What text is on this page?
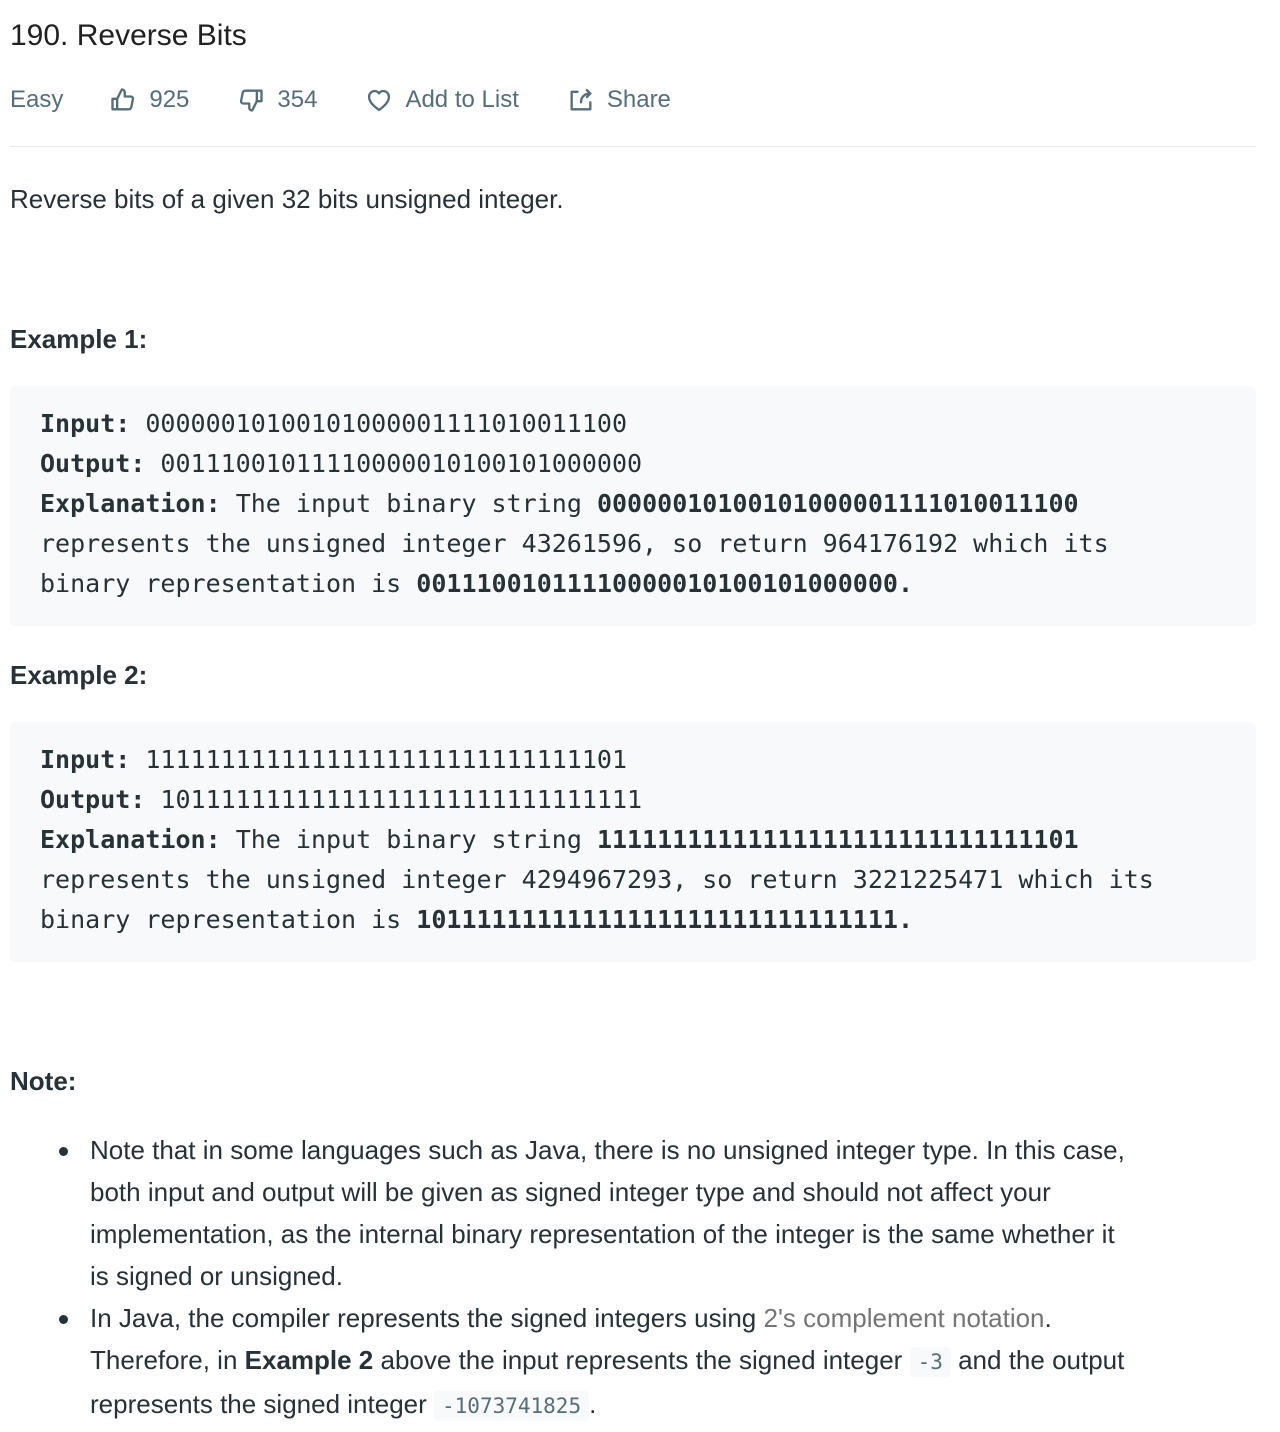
190. Reverse Bits
Easy	925	354	Add to List	Share
Reverse bits of a given 32 bits unsigned integer.
Example 1:
Input: 00000010100101000001111010011100
Output: 00111001011110000010100101000000
Explanation: The input binary string 00000010100101000001111010011100
represents the unsigned integer 43261596, so return 964176192 which its
binary representation is 00111001011110000010100101000000.
Example 2:
Input: 11111111111111111111111111111101
Output: 10111111111111111111111111111111
Explanation: The input binary string 11111111111111111111111111111101
represents the unsigned integer 4294967293, so return 3221225471 which its
binary representation is 10111111111111111111111111111111.
Note:
Note that in some languages such as Java, there is no unsigned integer type. In this case,
both input and output will be given as signed integer type and should not affect your
implementation, as the internal binary representation of the integer is the same whether it
is signed or unsigned.
In Java, the compiler represents the signed integers using 2's complement notation.
Therefore, in Example 2 above the input represents the signed integer -3 and the output
represents the signed integer -1073741825 .
